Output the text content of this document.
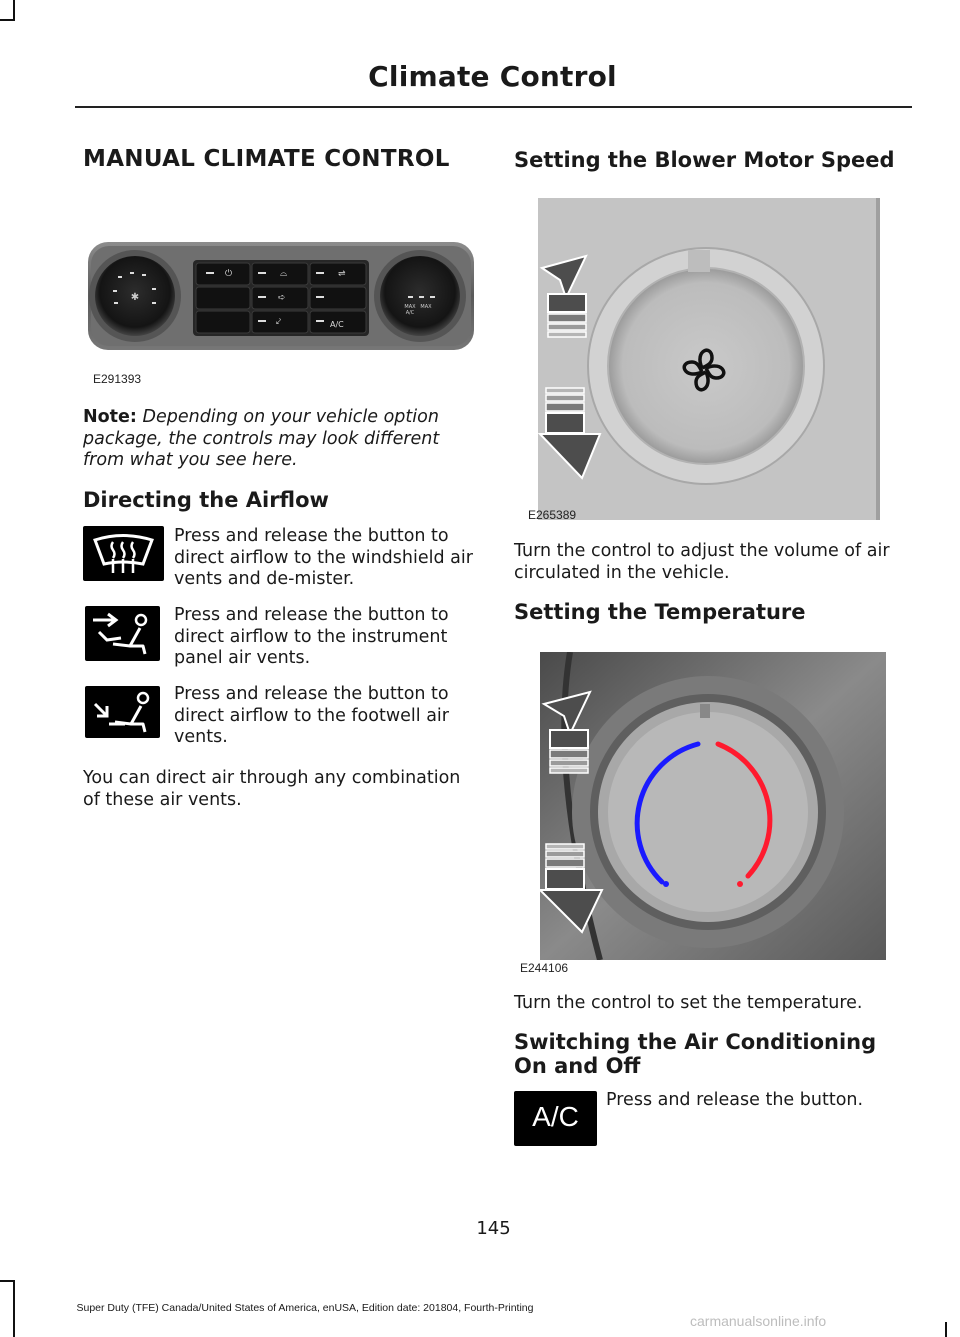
Climate Control
MANUAL CLIMATE CONTROL
✱
MAX MAX
A/C
⏻	⌓	⇌
➪
⤦	A/C
E291393

Note: Depending on your vehicle option package, the controls may look different from what you see here.

Directing the Airflow

Press and release the button to direct airflow to the windshield air vents and de-mister.

Press and release the button to direct airflow to the instrument panel air vents.

Press and release the button to direct airflow to the footwell air vents.

You can direct air through any combination of these air vents.

Setting the Blower Motor Speed
E265389

Turn the control to adjust the volume of air circulated in the vehicle.

Setting the Temperature
E244106

Turn the control to set the temperature.

Switching the Air Conditioning On and Off
A/C

Press and release the button.

145
Super Duty (TFE) Canada/United States of America, enUSA, Edition date: 201804, Fourth-Printing
carmanualsonline.info
